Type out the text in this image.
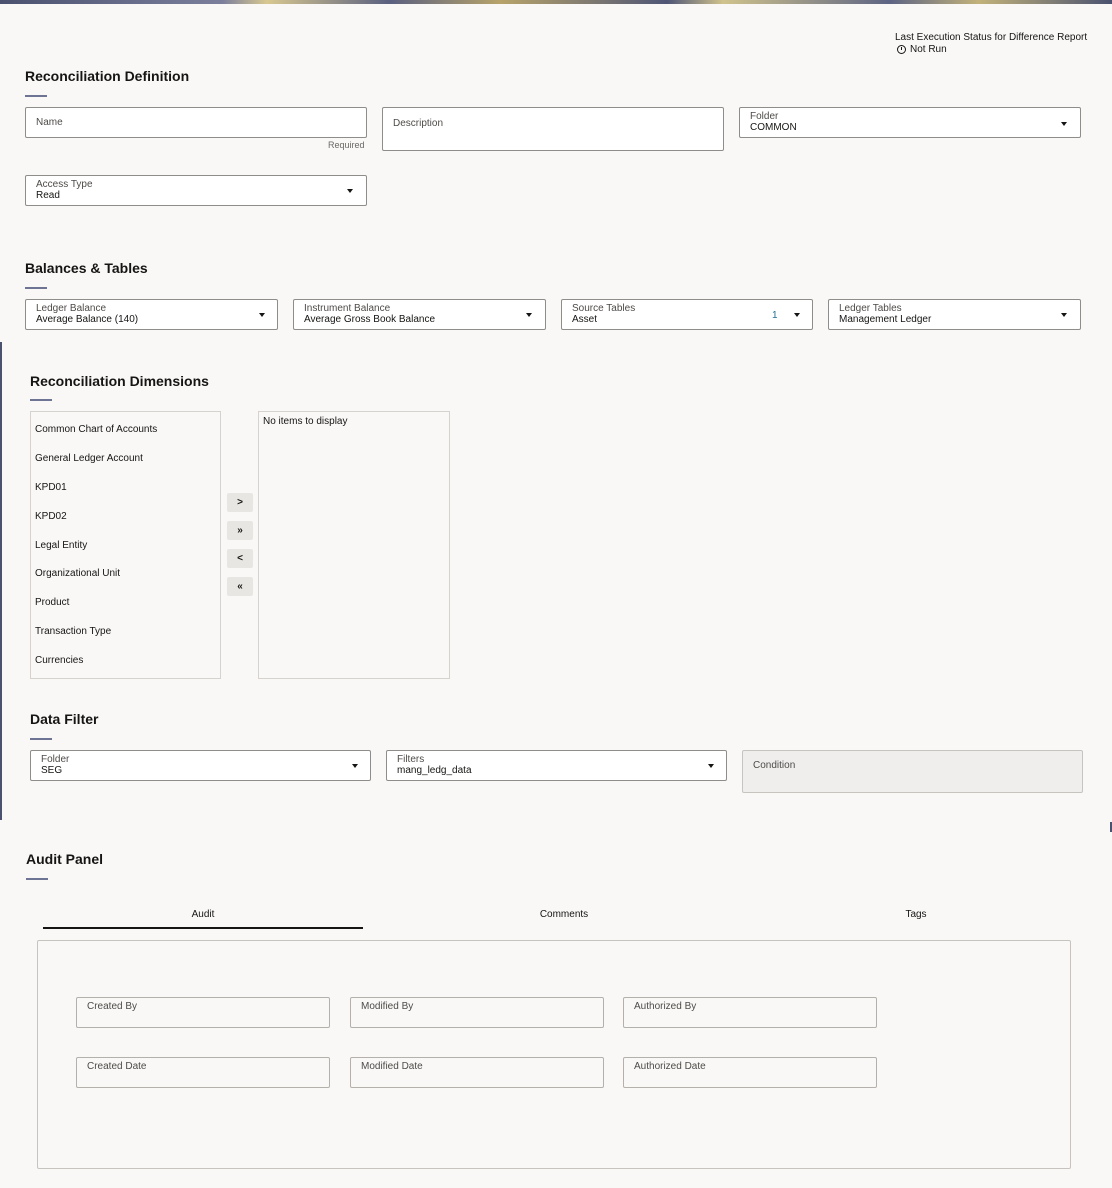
Last Execution Status for Difference Report
Not Run
Reconciliation Definition
Name
Required
Description
Folder
COMMON
Access Type
Read
Balances & Tables
Ledger Balance
Average Balance (140)
Instrument Balance
Average Gross Book Balance
Source Tables
Asset	1
Ledger Tables
Management Ledger
Reconciliation Dimensions
Common Chart of Accounts
General Ledger Account
KPD01
KPD02
Legal Entity
Organizational Unit
Product
Transaction Type
Currencies
>
»
<
«
No items to display
Data Filter
Folder
SEG
Filters
mang_ledg_data	Condition
Audit Panel
Audit	Comments	Tags
Created By	Modified By	Authorized By
Created Date	Modified Date	Authorized Date
